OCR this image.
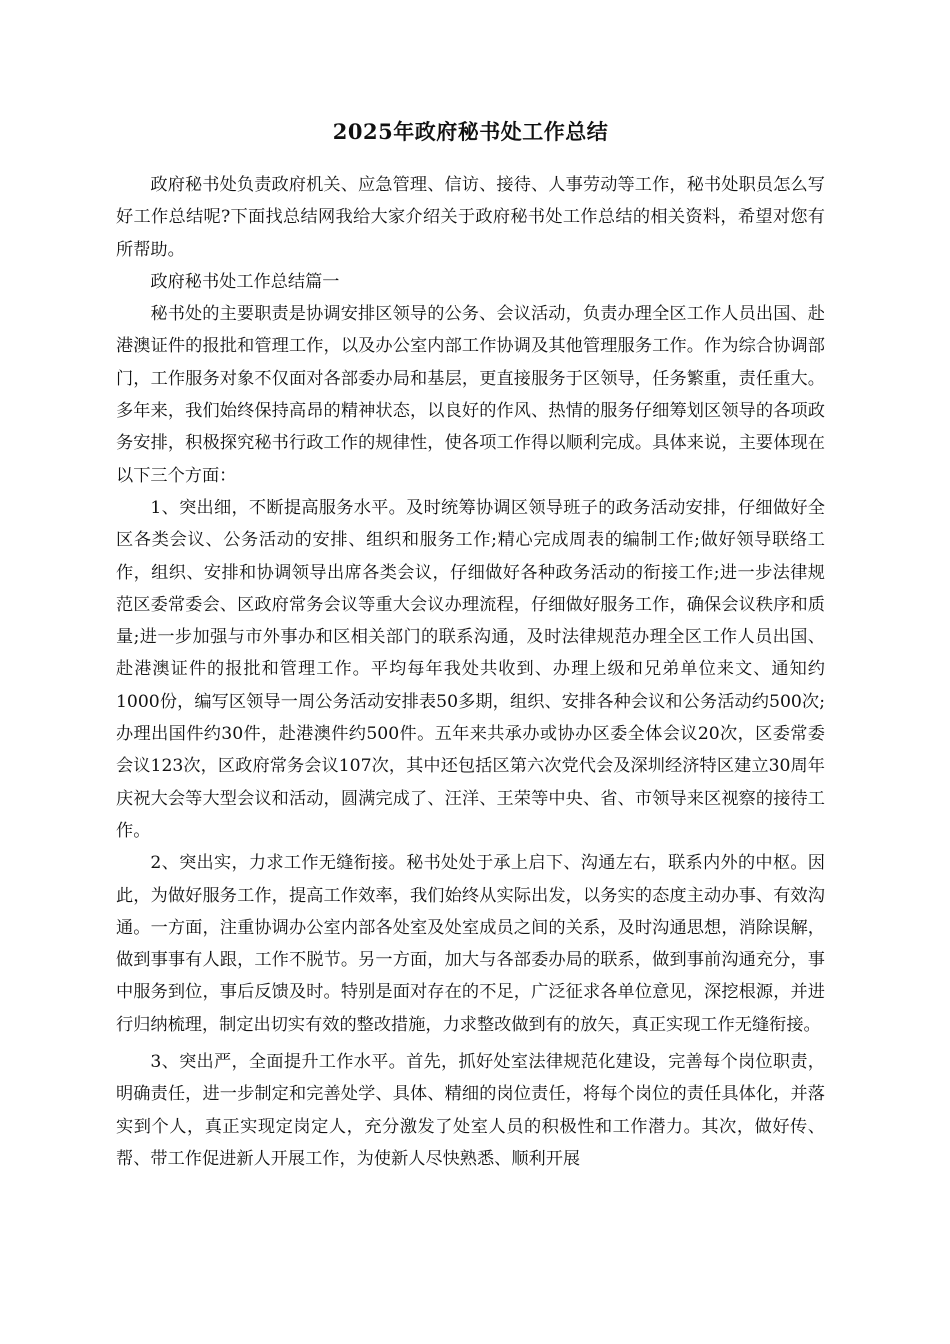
2025年政府秘书处工作总结

政府秘书处负责政府机关、应急管理、信访、接待、人事劳动等工作，秘书处职员怎么写好工作总结呢?下面找总结网我给大家介绍关于政府秘书处工作总结的相关资料，希望对您有所帮助。

政府秘书处工作总结篇一

秘书处的主要职责是协调安排区领导的公务、会议活动，负责办理全区工作人员出国、赴港澳证件的报批和管理工作，以及办公室内部工作协调及其他管理服务工作。作为综合协调部门，工作服务对象不仅面对各部委办局和基层，更直接服务于区领导，任务繁重，责任重大。多年来，我们始终保持高昂的精神状态，以良好的作风、热情的服务仔细筹划区领导的各项政务安排，积极探究秘书行政工作的规律性，使各项工作得以顺利完成。具体来说，主要体现在以下三个方面：

1、突出细，不断提高服务水平。及时统筹协调区领导班子的政务活动安排，仔细做好全区各类会议、公务活动的安排、组织和服务工作;精心完成周表的编制工作;做好领导联络工作，组织、安排和协调领导出席各类会议，仔细做好各种政务活动的衔接工作;进一步法律规范区委常委会、区政府常务会议等重大会议办理流程，仔细做好服务工作，确保会议秩序和质量;进一步加强与市外事办和区相关部门的联系沟通，及时法律规范办理全区工作人员出国、赴港澳证件的报批和管理工作。平均每年我处共收到、办理上级和兄弟单位来文、通知约1000份，编写区领导一周公务活动安排表50多期，组织、安排各种会议和公务活动约500次;办理出国件约30件，赴港澳件约500件。五年来共承办或协办区委全体会议20次，区委常委会议123次，区政府常务会议107次，其中还包括区第六次党代会及深圳经济特区建立30周年庆祝大会等大型会议和活动，圆满完成了、汪洋、王荣等中央、省、市领导来区视察的接待工作。

2、突出实，力求工作无缝衔接。秘书处处于承上启下、沟通左右，联系内外的中枢。因此，为做好服务工作，提高工作效率，我们始终从实际出发，以务实的态度主动办事、有效沟通。一方面，注重协调办公室内部各处室及处室成员之间的关系，及时沟通思想，消除误解，做到事事有人跟，工作不脱节。另一方面，加大与各部委办局的联系，做到事前沟通充分，事中服务到位，事后反馈及时。特别是面对存在的不足，广泛征求各单位意见，深挖根源，并进行归纳梳理，制定出切实有效的整改措施，力求整改做到有的放矢，真正实现工作无缝衔接。

3、突出严，全面提升工作水平。首先，抓好处室法律规范化建设，完善每个岗位职责，明确责任，进一步制定和完善处学、具体、精细的岗位责任，将每个岗位的责任具体化，并落实到个人，真正实现定岗定人，充分激发了处室人员的积极性和工作潜力。其次，做好传、帮、带工作促进新人开展工作，为使新人尽快熟悉、顺利开展
